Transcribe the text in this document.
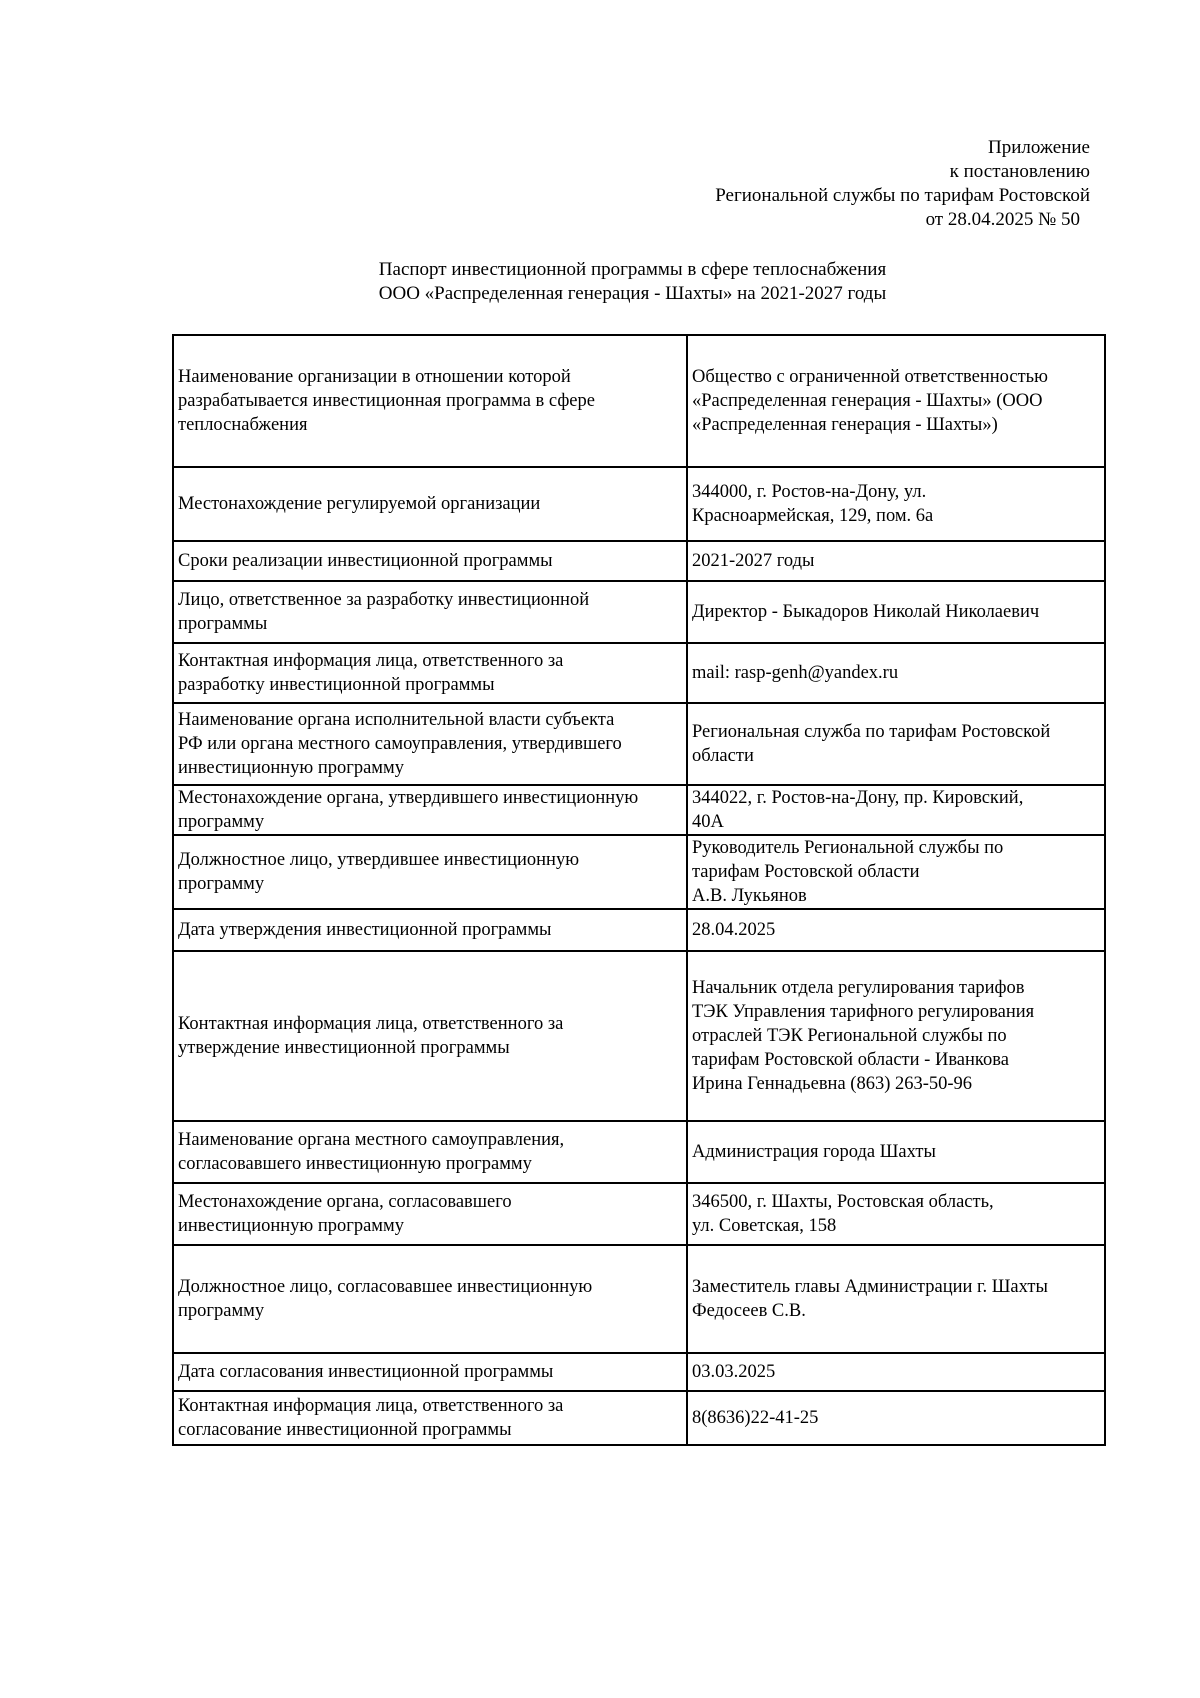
Приложение
к постановлению
Региональной службы по тарифам Ростовской
от 28.04.2025 № 50
Паспорт инвестиционной программы в сфере теплоснабжения
ООО «Распределенная генерация - Шахты» на 2021-2027 годы
Наименование организации в отношении которой
разрабатывается инвестиционная программа в сфере
теплоснабжения	Общество с ограниченной ответственностью
«Распределенная генерация - Шахты» (ООО
«Распределенная генерация - Шахты»)

Местонахождение регулируемой организации	344000, г. Ростов-на-Дону, ул.
Красноармейская, 129, пом. 6а

Сроки реализации инвестиционной программы	2021-2027 годы

Лицо, ответственное за разработку инвестиционной
программы	Директор - Быкадоров Николай Николаевич

Контактная информация лица, ответственного за
разработку инвестиционной программы	mail: rasp-genh@yandex.ru

Наименование органа исполнительной власти субъекта
РФ или органа местного самоуправления, утвердившего
инвестиционную программу	Региональная служба по тарифам Ростовской
области

Местонахождение органа, утвердившего инвестиционную
программу	344022, г. Ростов-на-Дону, пр. Кировский,
40А

Должностное лицо, утвердившее инвестиционную
программу	Руководитель Региональной службы по
тарифам Ростовской области
А.В. Лукьянов

Дата утверждения инвестиционной программы	28.04.2025

Контактная информация лица, ответственного за
утверждение инвестиционной программы	Начальник отдела регулирования тарифов
ТЭК Управления тарифного регулирования
отраслей ТЭК Региональной службы по
тарифам Ростовской области - Иванкова
Ирина Геннадьевна (863) 263-50-96

Наименование органа местного самоуправления,
согласовавшего инвестиционную программу	Администрация города Шахты

Местонахождение органа, согласовавшего
инвестиционную программу	346500, г. Шахты, Ростовская область,
ул. Советская, 158

Должностное лицо, согласовавшее инвестиционную
программу	Заместитель главы Администрации г. Шахты
Федосеев С.В.

Дата согласования инвестиционной программы	03.03.2025

Контактная информация лица, ответственного за
согласование инвестиционной программы	8(8636)22-41-25
